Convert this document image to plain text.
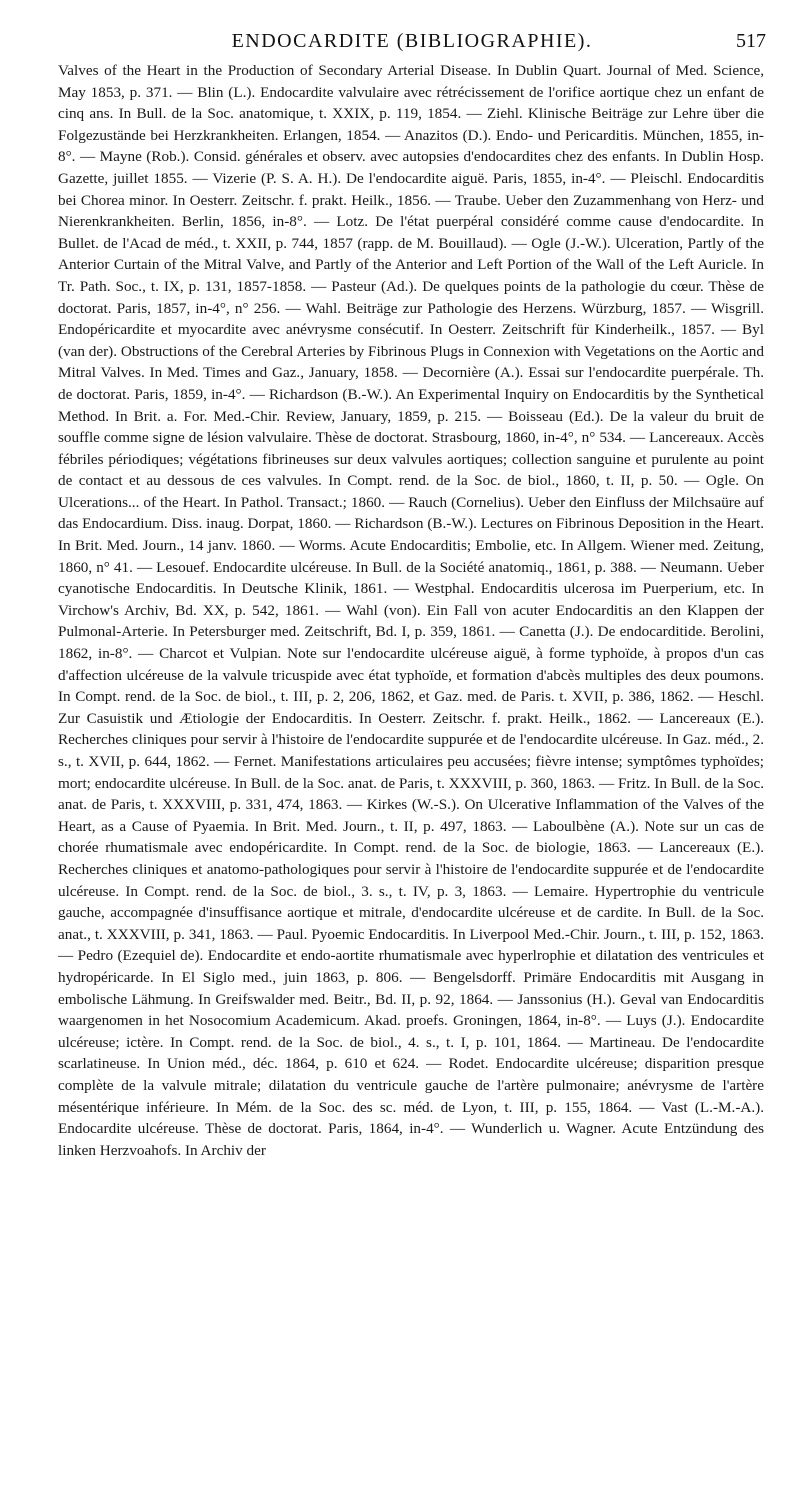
ENDOCARDITE (BIBLIOGRAPHIE).	517

Valves of the Heart in the Production of Secondary Arterial Disease. In Dublin Quart. Journal of Med. Science, May 1853, p. 371. — Blin (L.). Endocardite valvulaire avec rétrécissement de l'orifice aortique chez un enfant de cinq ans. In Bull. de la Soc. anatomique, t. XXIX, p. 119, 1854. — Ziehl. Klinische Beiträge zur Lehre über die Folgezustände bei Herzkrankheiten. Erlangen, 1854. — Anazitos (D.). Endo- und Pericarditis. München, 1855, in-8°. — Mayne (Rob.). Consid. générales et observ. avec autopsies d'endocardites chez des enfants. In Dublin Hosp. Gazette, juillet 1855. — Vizerie (P. S. A. H.). De l'endocardite aiguë. Paris, 1855, in-4°. — Pleischl. Endocarditis bei Chorea minor. In Oesterr. Zeitschr. f. prakt. Heilk., 1856. — Traube. Ueber den Zuzammenhang von Herz- und Nierenkrankheiten. Berlin, 1856, in-8°. — Lotz. De l'état puerpéral considéré comme cause d'endocardite. In Bullet. de l'Acad de méd., t. XXII, p. 744, 1857 (rapp. de M. Bouillaud). — Ogle (J.-W.). Ulceration, Partly of the Anterior Curtain of the Mitral Valve, and Partly of the Anterior and Left Portion of the Wall of the Left Auricle. In Tr. Path. Soc., t. IX, p. 131, 1857-1858. — Pasteur (Ad.). De quelques points de la pathologie du cœur. Thèse de doctorat. Paris, 1857, in-4°, n° 256. — Wahl. Beiträge zur Pathologie des Herzens. Würzburg, 1857. — Wisgrill. Endopéricardite et myocardite avec anévrysme consécutif. In Oesterr. Zeitschrift für Kinderheilk., 1857. — Byl (van der). Obstructions of the Cerebral Arteries by Fibrinous Plugs in Connexion with Vegetations on the Aortic and Mitral Valves. In Med. Times and Gaz., January, 1858. — Decornière (A.). Essai sur l'endocardite puerpérale. Th. de doctorat. Paris, 1859, in-4°. — Richardson (B.-W.). An Experimental Inquiry on Endocarditis by the Synthetical Method. In Brit. a. For. Med.-Chir. Review, January, 1859, p. 215. — Boisseau (Ed.). De la valeur du bruit de souffle comme signe de lésion valvulaire. Thèse de doctorat. Strasbourg, 1860, in-4°, n° 534. — Lancereaux. Accès fébriles périodiques; végétations fibrineuses sur deux valvules aortiques; collection sanguine et purulente au point de contact et au dessous de ces valvules. In Compt. rend. de la Soc. de biol., 1860, t. II, p. 50. — Ogle. On Ulcerations... of the Heart. In Pathol. Transact.; 1860. — Rauch (Cornelius). Ueber den Einfluss der Milchsaüre auf das Endocardium. Diss. inaug. Dorpat, 1860. — Richardson (B.-W.). Lectures on Fibrinous Deposition in the Heart. In Brit. Med. Journ., 14 janv. 1860. — Worms. Acute Endocarditis; Embolie, etc. In Allgem. Wiener med. Zeitung, 1860, n° 41. — Lesouef. Endocardite ulcéreuse. In Bull. de la Société anatomiq., 1861, p. 388. — Neumann. Ueber cyanotische Endocarditis. In Deutsche Klinik, 1861. — Westphal. Endocarditis ulcerosa im Puerperium, etc. In Virchow's Archiv, Bd. XX, p. 542, 1861. — Wahl (von). Ein Fall von acuter Endocarditis an den Klappen der Pulmonal-Arterie. In Petersburger med. Zeitschrift, Bd. I, p. 359, 1861. — Canetta (J.). De endocarditide. Berolini, 1862, in-8°. — Charcot et Vulpian. Note sur l'endocardite ulcéreuse aiguë, à forme typhoïde, à propos d'un cas d'affection ulcéreuse de la valvule tricuspide avec état typhoïde, et formation d'abcès multiples des deux poumons. In Compt. rend. de la Soc. de biol., t. III, p. 2, 206, 1862, et Gaz. med. de Paris. t. XVII, p. 386, 1862. — Heschl. Zur Casuistik und Ætiologie der Endocarditis. In Oesterr. Zeitschr. f. prakt. Heilk., 1862. — Lancereaux (E.). Recherches cliniques pour servir à l'histoire de l'endocardite suppurée et de l'endocardite ulcéreuse. In Gaz. méd., 2. s., t. XVII, p. 644, 1862. — Fernet. Manifestations articulaires peu accusées; fièvre intense; symptômes typhoïdes; mort; endocardite ulcéreuse. In Bull. de la Soc. anat. de Paris, t. XXXVIII, p. 360, 1863. — Fritz. In Bull. de la Soc. anat. de Paris, t. XXXVIII, p. 331, 474, 1863. — Kirkes (W.-S.). On Ulcerative Inflammation of the Valves of the Heart, as a Cause of Pyaemia. In Brit. Med. Journ., t. II, p. 497, 1863. — Laboulbène (A.). Note sur un cas de chorée rhumatismale avec endopéricardite. In Compt. rend. de la Soc. de biologie, 1863. — Lancereaux (E.). Recherches cliniques et anatomo-pathologiques pour servir à l'histoire de l'endocardite suppurée et de l'endocardite ulcéreuse. In Compt. rend. de la Soc. de biol., 3. s., t. IV, p. 3, 1863. — Lemaire. Hypertrophie du ventricule gauche, accompagnée d'insuffisance aortique et mitrale, d'endocardite ulcéreuse et de cardite. In Bull. de la Soc. anat., t. XXXVIII, p. 341, 1863. — Paul. Pyoemic Endocarditis. In Liverpool Med.-Chir. Journ., t. III, p. 152, 1863. — Pedro (Ezequiel de). Endocardite et endo-aortite rhumatismale avec hyperlrophie et dilatation des ventricules et hydropéricarde. In El Siglo med., juin 1863, p. 806. — Bengelsdorff. Primäre Endocarditis mit Ausgang in embolische Lähmung. In Greifswalder med. Beitr., Bd. II, p. 92, 1864. — Janssonius (H.). Geval van Endocarditis waargenomen in het Nosocomium Academicum. Akad. proefs. Groningen, 1864, in-8°. — Luys (J.). Endocardite ulcéreuse; ictère. In Compt. rend. de la Soc. de biol., 4. s., t. I, p. 101, 1864. — Martineau. De l'endocardite scarlatineuse. In Union méd., déc. 1864, p. 610 et 624. — Rodet. Endocardite ulcéreuse; disparition presque complète de la valvule mitrale; dilatation du ventricule gauche de l'artère pulmonaire; anévrysme de l'artère mésentérique inférieure. In Mém. de la Soc. des sc. méd. de Lyon, t. III, p. 155, 1864. — Vast (L.-M.-A.). Endocardite ulcéreuse. Thèse de doctorat. Paris, 1864, in-4°. — Wunderlich u. Wagner. Acute Entzündung des linken Herzvoahofs. In Archiv der
